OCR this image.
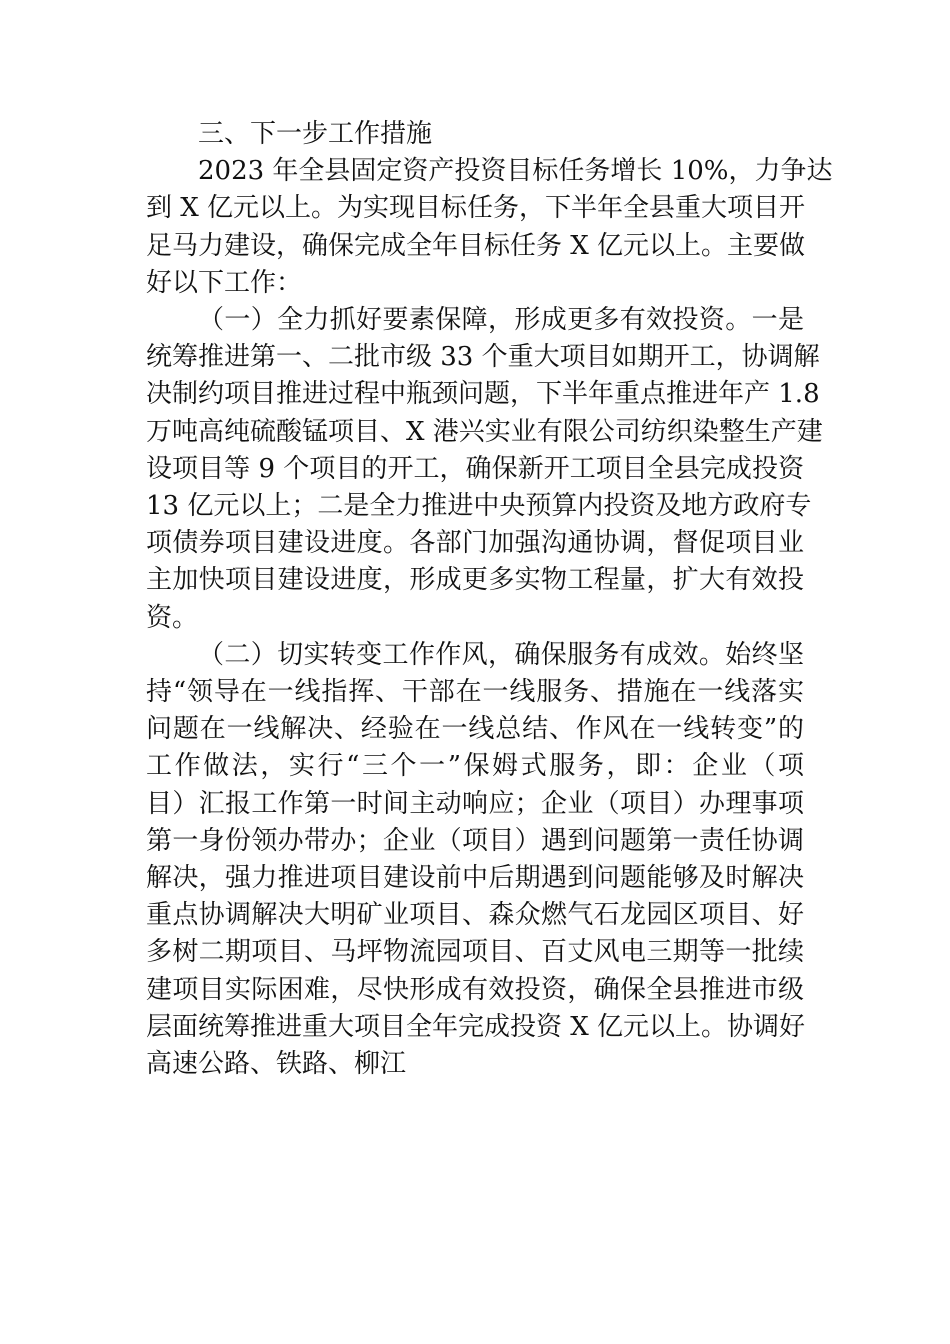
三、下一步工作措施
2023 年全县固定资产投资目标任务增长 10%，力争达
到 X 亿元以上。为实现目标任务，下半年全县重大项目开
足马力建设，确保完成全年目标任务 X 亿元以上。主要做
好以下工作：
（一）全力抓好要素保障，形成更多有效投资。一是
统筹推进第一、二批市级 33 个重大项目如期开工，协调解
决制约项目推进过程中瓶颈问题，下半年重点推进年产 1.8
万吨高纯硫酸锰项目、X 港兴实业有限公司纺织染整生产建
设项目等 9 个项目的开工，确保新开工项目全县完成投资
13 亿元以上；二是全力推进中央预算内投资及地方政府专
项债券项目建设进度。各部门加强沟通协调，督促项目业
主加快项目建设进度，形成更多实物工程量，扩大有效投
资。
（二）切实转变工作作风，确保服务有成效。始终坚
持“领导在一线指挥、干部在一线服务、措施在一线落实
问题在一线解决、经验在一线总结、作风在一线转变”的
工作做法，实行“三个一”保姆式服务，即：企业（项
目）汇报工作第一时间主动响应；企业（项目）办理事项
第一身份领办带办；企业（项目）遇到问题第一责任协调
解决，强力推进项目建设前中后期遇到问题能够及时解决
重点协调解决大明矿业项目、森众燃气石龙园区项目、好
多树二期项目、马坪物流园项目、百丈风电三期等一批续
建项目实际困难，尽快形成有效投资，确保全县推进市级
层面统筹推进重大项目全年完成投资 X 亿元以上。协调好
高速公路、铁路、柳江
